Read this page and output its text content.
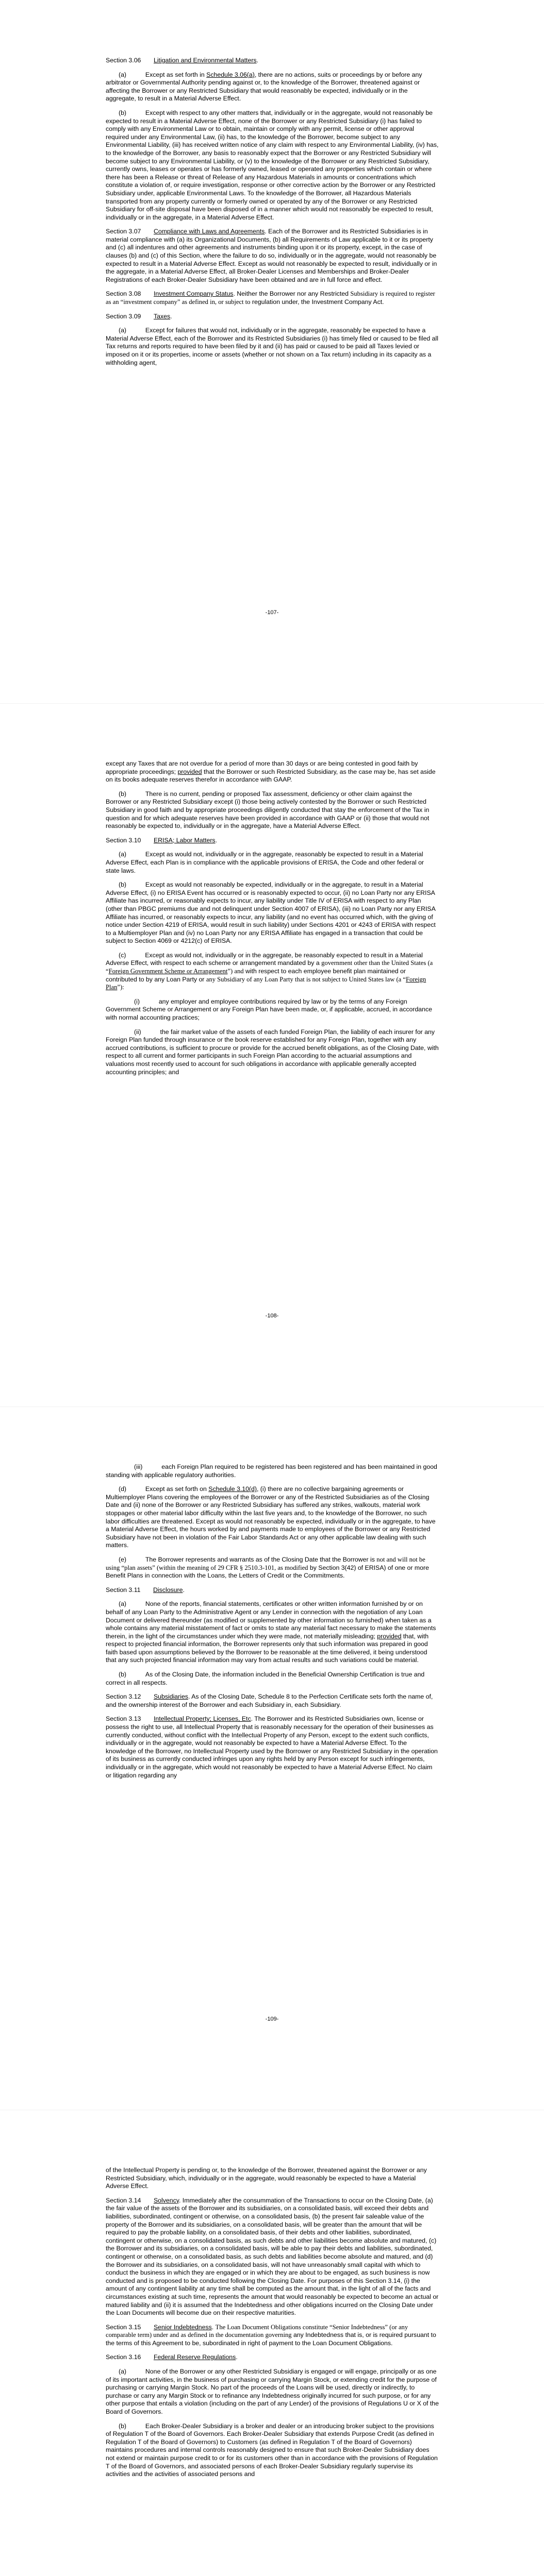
Section 3.06   Litigation and Environmental Matters.

(a)   	Except as set forth in Schedule 3.06(a), there are no actions, suits or proceedings by or before any arbitrator or Governmental Authority pending against or, to the knowledge of the Borrower, threatened against or affecting the Borrower or any Restricted Subsidiary that would reasonably be expected, individually or in the aggregate, to result in a Material Adverse Effect.

(b)   	Except with respect to any other matters that, individually or in the aggregate, would not reasonably be expected to result in a Material Adverse Effect, none of the Borrower or any Restricted Subsidiary (i) has failed to comply with any Environmental Law or to obtain, maintain or comply with any permit, license or other approval required under any Environmental Law, (ii) has, to the knowledge of the Borrower, become subject to any Environmental Liability, (iii) has received written notice of any claim with respect to any Environmental Liability, (iv) has, to the knowledge of the Borrower, any basis to reasonably expect that the Borrower or any Restricted Subsidiary will become subject to any Environmental Liability, or (v) to the knowledge of the Borrower or any Restricted Subsidiary, currently owns, leases or operates or has formerly owned, leased or operated any properties which contain or where there has been a Release or threat of Release of any Hazardous Materials in amounts or concentrations which constitute a violation of, or require investigation, response or other corrective action by the Borrower or any Restricted Subsidiary under, applicable Environmental Laws. To the knowledge of the Borrower, all Hazardous Materials transported from any property currently or formerly owned or operated by any of the Borrower or any Restricted Subsidiary for off-site disposal have been disposed of in a manner which would not reasonably be expected to result, individually or in the aggregate, in a Material Adverse Effect.

Section 3.07   Compliance with Laws and Agreements. Each of the Borrower and its Restricted Subsidiaries is in material compliance with (a) its Organizational Documents, (b) all Requirements of Law applicable to it or its property and (c) all indentures and other agreements and instruments binding upon it or its property, except, in the case of clauses (b) and (c) of this Section, where the failure to do so, individually or in the aggregate, would not reasonably be expected to result in a Material Adverse Effect. Except as would not reasonably be expected to result, individually or in the aggregate, in a Material Adverse Effect, all Broker-Dealer Licenses and Memberships and Broker-Dealer Registrations of each Broker-Dealer Subsidiary have been obtained and are in full force and effect.

Section 3.08   Investment Company Status. Neither the Borrower nor any Restricted Subsidiary is required to register as an “investment company” as defined in, or subject to regulation under, the Investment Company Act.

Section 3.09   Taxes.

(a)   	Except for failures that would not, individually or in the aggregate, reasonably be expected to have a Material Adverse Effect, each of the Borrower and its Restricted Subsidiaries (i) has timely filed or caused to be filed all Tax returns and reports required to have been filed by it and (ii) has paid or caused to be paid all Taxes levied or imposed on it or its properties, income or assets (whether or not shown on a Tax return) including in its capacity as a withholding agent,

-107-

except any Taxes that are not overdue for a period of more than 30 days or are being contested in good faith by appropriate proceedings; provided that the Borrower or such Restricted Subsidiary, as the case may be, has set aside on its books adequate reserves therefor in accordance with GAAP.

(b)   	There is no current, pending or proposed Tax assessment, deficiency or other claim against the Borrower or any Restricted Subsidiary except (i) those being actively contested by the Borrower or such Restricted Subsidiary in good faith and by appropriate proceedings diligently conducted that stay the enforcement of the Tax in question and for which adequate reserves have been provided in accordance with GAAP or (ii) those that would not reasonably be expected to, individually or in the aggregate, have a Material Adverse Effect.

Section 3.10   ERISA; Labor Matters.

(a)   	Except as would not, individually or in the aggregate, reasonably be expected to result in a Material Adverse Effect, each Plan is in compliance with the applicable provisions of ERISA, the Code and other federal or state laws.

(b)   	Except as would not reasonably be expected, individually or in the aggregate, to result in a Material Adverse Effect, (i) no ERISA Event has occurred or is reasonably expected to occur, (ii) no Loan Party nor any ERISA Affiliate has incurred, or reasonably expects to incur, any liability under Title IV of ERISA with respect to any Plan (other than PBGC premiums due and not delinquent under Section 4007 of ERISA), (iii) no Loan Party nor any ERISA Affiliate has incurred, or reasonably expects to incur, any liability (and no event has occurred which, with the giving of notice under Section 4219 of ERISA, would result in such liability) under Sections 4201 or 4243 of ERISA with respect to a Multiemployer Plan and (iv) no Loan Party nor any ERISA Affiliate has engaged in a transaction that could be subject to Section 4069 or 4212(c) of ERISA.

(c)   	Except as would not, individually or in the aggregate, be reasonably expected to result in a Material Adverse Effect, with respect to each scheme or arrangement mandated by a government other than the United States (a “Foreign Government Scheme or Arrangement”) and with respect to each employee benefit plan maintained or contributed to by any Loan Party or any Subsidiary of any Loan Party that is not subject to United States law (a “Foreign Plan”):

(i)   	any employer and employee contributions required by law or by the terms of any Foreign Government Scheme or Arrangement or any Foreign Plan have been made, or, if applicable, accrued, in accordance with normal accounting practices;

(ii)   	the fair market value of the assets of each funded Foreign Plan, the liability of each insurer for any Foreign Plan funded through insurance or the book reserve established for any Foreign Plan, together with any accrued contributions, is sufficient to procure or provide for the accrued benefit obligations, as of the Closing Date, with respect to all current and former participants in such Foreign Plan according to the actuarial assumptions and valuations most recently used to account for such obligations in accordance with applicable generally accepted accounting principles; and

-108-

(iii)   	each Foreign Plan required to be registered has been registered and has been maintained in good standing with applicable regulatory authorities.

(d)   	Except as set forth on Schedule 3.10(d), (i) there are no collective bargaining agreements or Multiemployer Plans covering the employees of the Borrower or any of the Restricted Subsidiaries as of the Closing Date and (ii) none of the Borrower or any Restricted Subsidiary has suffered any strikes, walkouts, material work stoppages or other material labor difficulty within the last five years and, to the knowledge of the Borrower, no such labor difficulties are threatened. Except as would not reasonably be expected, individually or in the aggregate, to have a Material Adverse Effect, the hours worked by and payments made to employees of the Borrower or any Restricted Subsidiary have not been in violation of the Fair Labor Standards Act or any other applicable law dealing with such matters.

(e)   	The Borrower represents and warrants as of the Closing Date that the Borrower is not and will not be using “plan assets” (within the meaning of 29 CFR § 2510.3-101, as modified by Section 3(42) of ERISA) of one or more Benefit Plans in connection with the Loans, the Letters of Credit or the Commitments.

Section 3.11   Disclosure.

(a)   	None of the reports, financial statements, certificates or other written information furnished by or on behalf of any Loan Party to the Administrative Agent or any Lender in connection with the negotiation of any Loan Document or delivered thereunder (as modified or supplemented by other information so furnished) when taken as a whole contains any material misstatement of fact or omits to state any material fact necessary to make the statements therein, in the light of the circumstances under which they were made, not materially misleading; provided that, with respect to projected financial information, the Borrower represents only that such information was prepared in good faith based upon assumptions believed by the Borrower to be reasonable at the time delivered, it being understood that any such projected financial information may vary from actual results and such variations could be material.

(b)   	As of the Closing Date, the information included in the Beneficial Ownership Certification is true and correct in all respects.

Section 3.12   Subsidiaries. As of the Closing Date, Schedule 8 to the Perfection Certificate sets forth the name of, and the ownership interest of the Borrower and each Subsidiary in, each Subsidiary.

Section 3.13   Intellectual Property; Licenses, Etc. The Borrower and its Restricted Subsidiaries own, license or possess the right to use, all Intellectual Property that is reasonably necessary for the operation of their businesses as currently conducted, without conflict with the Intellectual Property of any Person, except to the extent such conflicts, individually or in the aggregate, would not reasonably be expected to have a Material Adverse Effect. To the knowledge of the Borrower, no Intellectual Property used by the Borrower or any Restricted Subsidiary in the operation of its business as currently conducted infringes upon any rights held by any Person except for such infringements, individually or in the aggregate, which would not reasonably be expected to have a Material Adverse Effect. No claim or litigation regarding any

-109-

of the Intellectual Property is pending or, to the knowledge of the Borrower, threatened against the Borrower or any Restricted Subsidiary, which, individually or in the aggregate, would reasonably be expected to have a Material Adverse Effect.

Section 3.14   Solvency. Immediately after the consummation of the Transactions to occur on the Closing Date, (a) the fair value of the assets of the Borrower and its subsidiaries, on a consolidated basis, will exceed their debts and liabilities, subordinated, contingent or otherwise, on a consolidated basis, (b) the present fair saleable value of the property of the Borrower and its subsidiaries, on a consolidated basis, will be greater than the amount that will be required to pay the probable liability, on a consolidated basis, of their debts and other liabilities, subordinated, contingent or otherwise, on a consolidated basis, as such debts and other liabilities become absolute and matured, (c) the Borrower and its subsidiaries, on a consolidated basis, will be able to pay their debts and liabilities, subordinated, contingent or otherwise, on a consolidated basis, as such debts and liabilities become absolute and matured, and (d) the Borrower and its subsidiaries, on a consolidated basis, will not have unreasonably small capital with which to conduct the business in which they are engaged or in which they are about to be engaged, as such business is now conducted and is proposed to be conducted following the Closing Date. For purposes of this Section 3.14, (i) the amount of any contingent liability at any time shall be computed as the amount that, in the light of all of the facts and circumstances existing at such time, represents the amount that would reasonably be expected to become an actual or matured liability and (ii) it is assumed that the Indebtedness and other obligations incurred on the Closing Date under the Loan Documents will become due on their respective maturities.

Section 3.15   Senior Indebtedness. The Loan Document Obligations constitute “Senior Indebtedness” (or any comparable term) under and as defined in the documentation governing any Indebtedness that is, or is required pursuant to the terms of this Agreement to be, subordinated in right of payment to the Loan Document Obligations.

Section 3.16   Federal Reserve Regulations.

(a)   	None of the Borrower or any other Restricted Subsidiary is engaged or will engage, principally or as one of its important activities, in the business of purchasing or carrying Margin Stock, or extending credit for the purpose of purchasing or carrying Margin Stock. No part of the proceeds of the Loans will be used, directly or indirectly, to purchase or carry any Margin Stock or to refinance any Indebtedness originally incurred for such purpose, or for any other purpose that entails a violation (including on the part of any Lender) of the provisions of Regulations U or X of the Board of Governors.

(b)   	Each Broker-Dealer Subsidiary is a broker and dealer or an introducing broker subject to the provisions of Regulation T of the Board of Governors. Each Broker-Dealer Subsidiary that extends Purpose Credit (as defined in Regulation T of the Board of Governors) to Customers (as defined in Regulation T of the Board of Governors) maintains procedures and internal controls reasonably designed to ensure that such Broker-Dealer Subsidiary does not extend or maintain purpose credit to or for its customers other than in accordance with the provisions of Regulation T of the Board of Governors, and associated persons of each Broker-Dealer Subsidiary regularly supervise its activities and the activities of associated persons and
